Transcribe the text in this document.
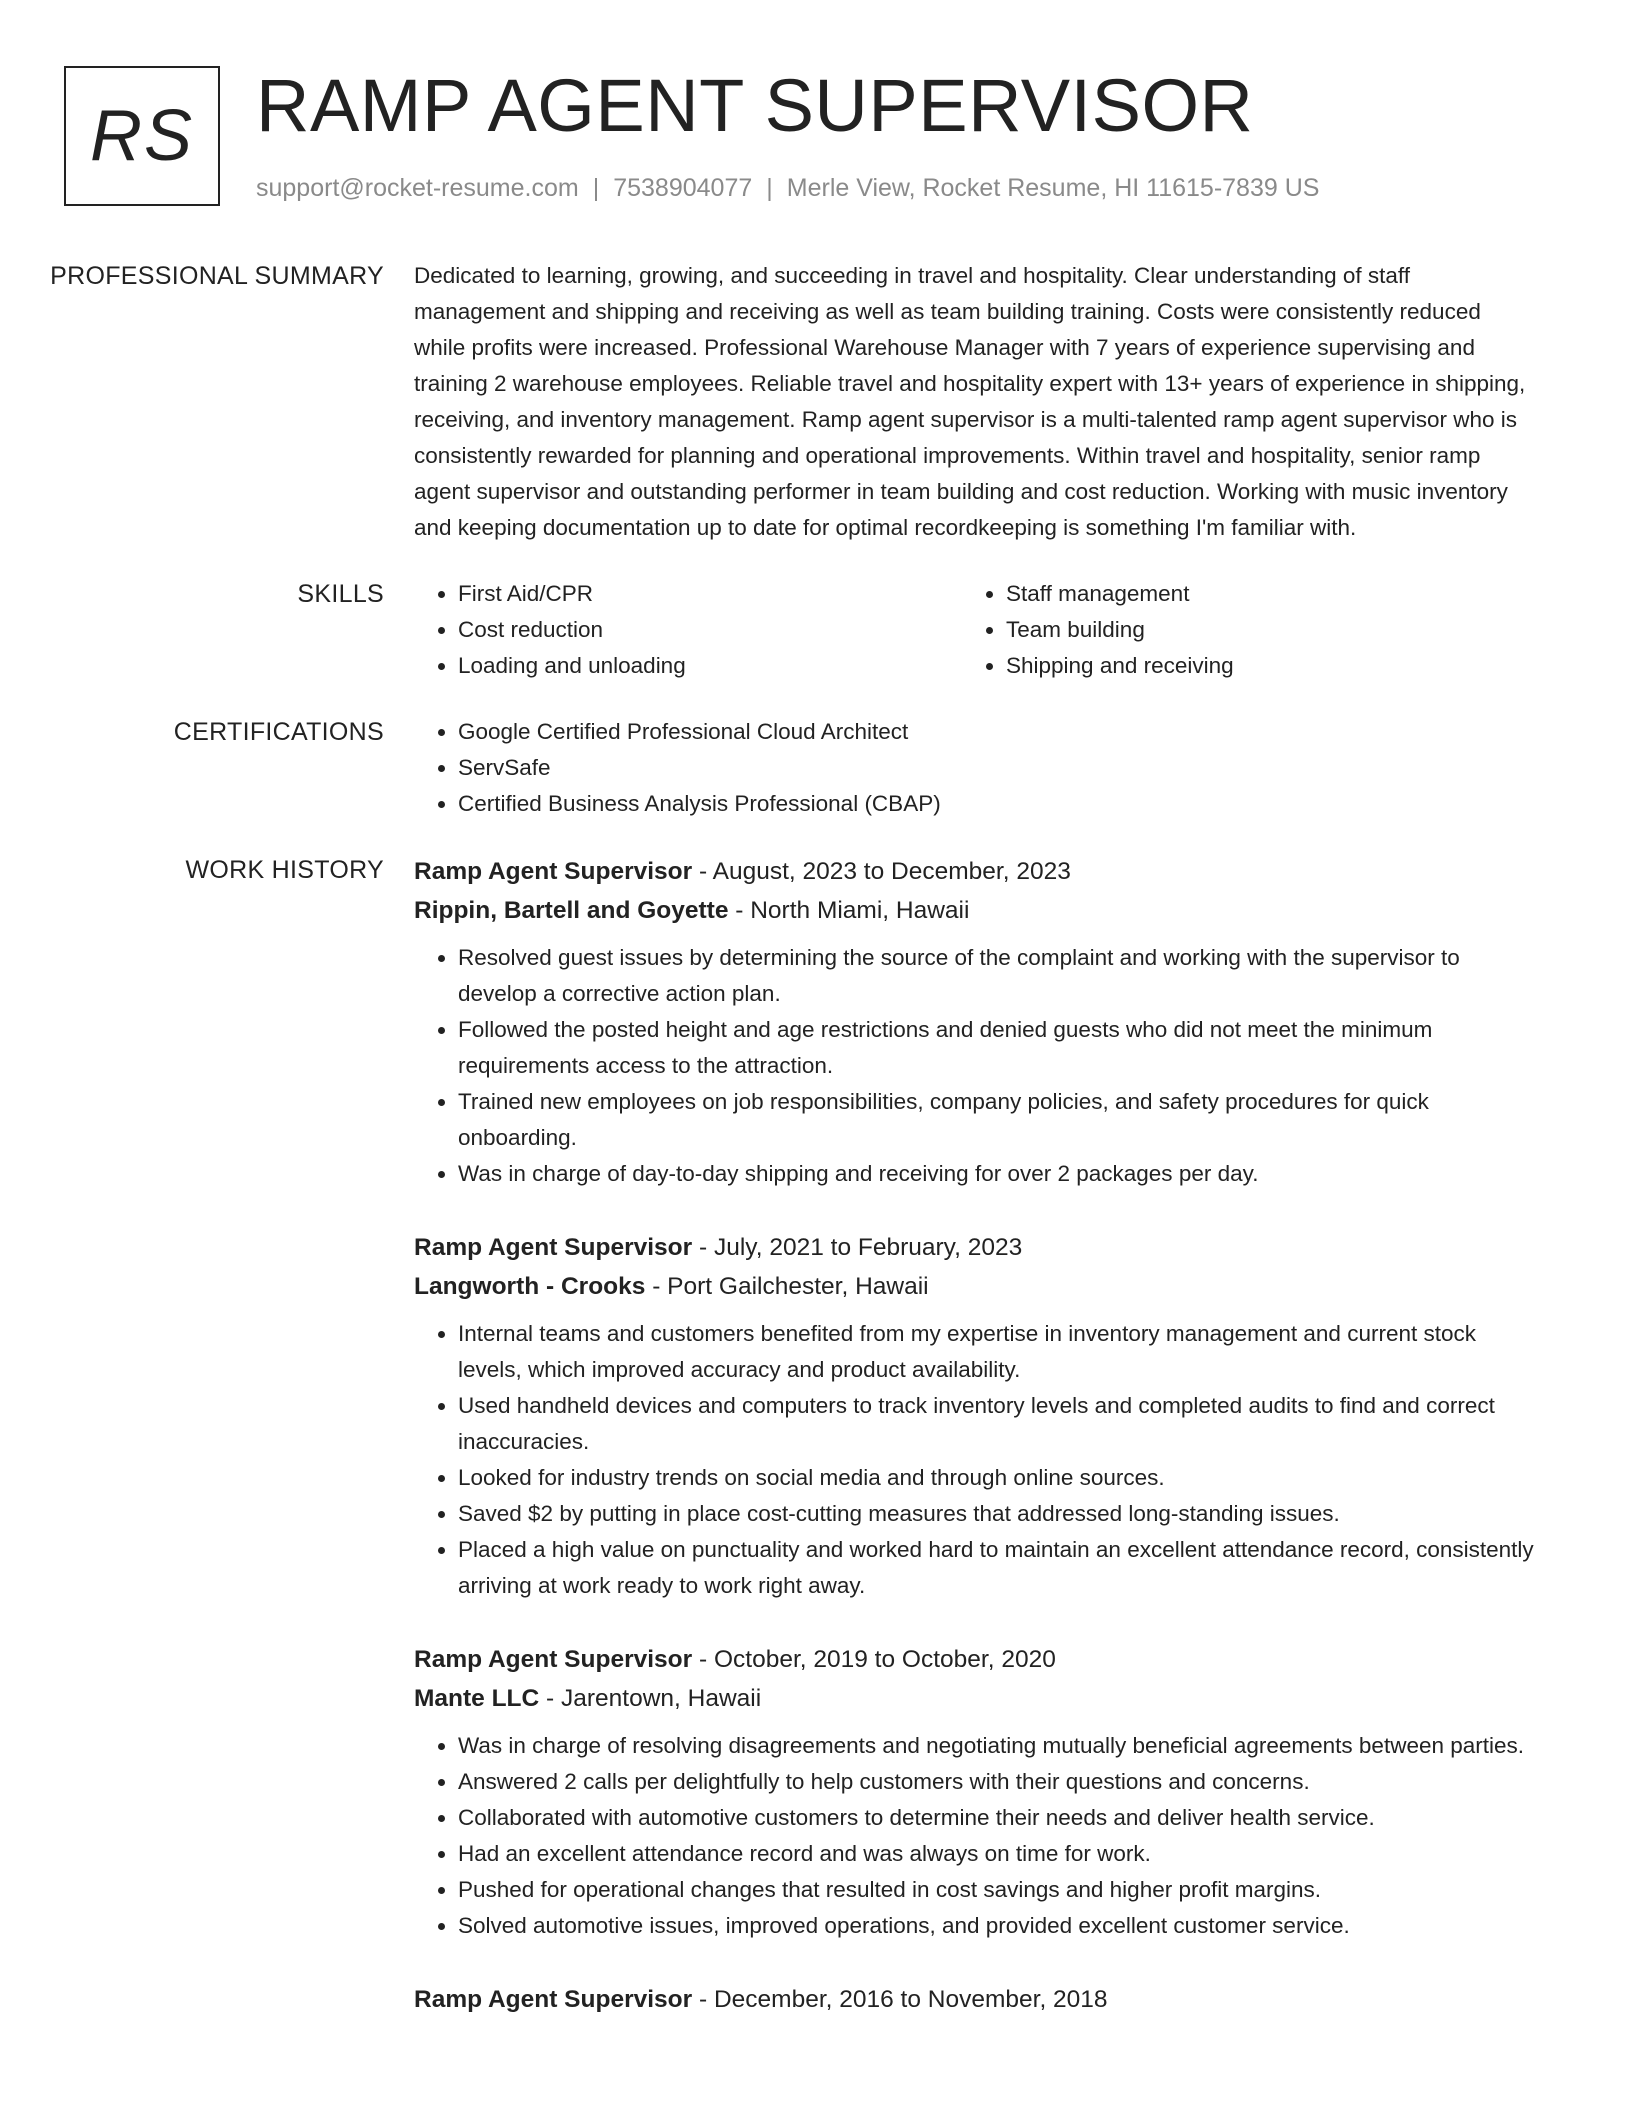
RS RAMP AGENT SUPERVISOR
support@rocket-resume.com | 7538904077 | Merle View, Rocket Resume, HI 11615-7839 US
PROFESSIONAL SUMMARY	Dedicated to learning, growing, and succeeding in travel and hospitality. Clear understanding of staff management and shipping and receiving as well as team building training. Costs were consistently reduced while profits were increased. Professional Warehouse Manager with 7 years of experience supervising and training 2 warehouse employees. Reliable travel and hospitality expert with 13+ years of experience in shipping, receiving, and inventory management. Ramp agent supervisor is a multi-talented ramp agent supervisor who is consistently rewarded for planning and operational improvements. Within travel and hospitality, senior ramp agent supervisor and outstanding performer in team building and cost reduction. Working with music inventory and keeping documentation up to date for optimal recordkeeping is something I'm familiar with.

SKILLS	• First Aid/CPR
• Cost reduction
• Loading and unloading
• Staff management
• Team building
• Shipping and receiving
CERTIFICATIONS	• Google Certified Professional Cloud Architect
• ServSafe
• Certified Business Analysis Professional (CBAP)
WORK HISTORY	Ramp Agent Supervisor - August, 2023 to December, 2023
Rippin, Bartell and Goyette - North Miami, Hawaii
• Resolved guest issues by determining the source of the complaint and working with the supervisor to develop a corrective action plan.
• Followed the posted height and age restrictions and denied guests who did not meet the minimum requirements access to the attraction.
• Trained new employees on job responsibilities, company policies, and safety procedures for quick onboarding.
• Was in charge of day-to-day shipping and receiving for over 2 packages per day.
Ramp Agent Supervisor - July, 2021 to February, 2023
Langworth - Crooks - Port Gailchester, Hawaii
• Internal teams and customers benefited from my expertise in inventory management and current stock levels, which improved accuracy and product availability.
• Used handheld devices and computers to track inventory levels and completed audits to find and correct inaccuracies.
• Looked for industry trends on social media and through online sources.
• Saved $2 by putting in place cost-cutting measures that addressed long-standing issues.
• Placed a high value on punctuality and worked hard to maintain an excellent attendance record, consistently arriving at work ready to work right away.
Ramp Agent Supervisor - October, 2019 to October, 2020
Mante LLC - Jarentown, Hawaii
• Was in charge of resolving disagreements and negotiating mutually beneficial agreements between parties.
• Answered 2 calls per delightfully to help customers with their questions and concerns.
• Collaborated with automotive customers to determine their needs and deliver health service.
• Had an excellent attendance record and was always on time for work.
• Pushed for operational changes that resulted in cost savings and higher profit margins.
• Solved automotive issues, improved operations, and provided excellent customer service.
Ramp Agent Supervisor - December, 2016 to November, 2018
